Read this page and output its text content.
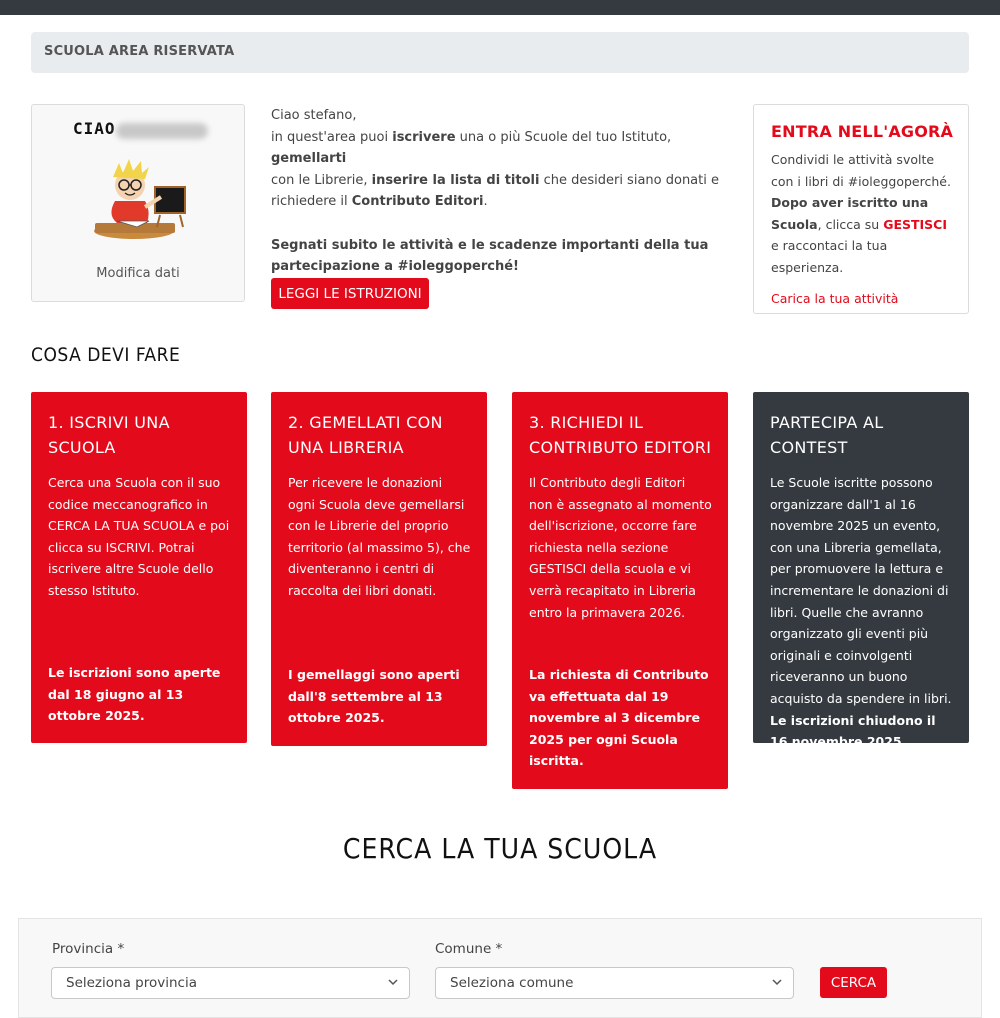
SCUOLA AREA RISERVATA
CIAO
Modifica dati

Ciao stefano,

in quest'area puoi iscrivere una o più Scuole del tuo Istituto, gemellarti

con le Librerie, inserire la lista di titoli che desideri siano donati e

richiedere il Contributo Editori.

Segnati subito le attività e le scadenze importanti della tua partecipazione a #ioleggoperché!

LEGGI LE ISTRUZIONI
ENTRA NELL'AGORÀ
Condividi le attività svolte con i libri di #ioleggoperché. Dopo aver iscritto una Scuola, clicca su GESTISCI e raccontaci la tua esperienza.
Carica la tua attività
COSA DEVI FARE
1. ISCRIVI UNA SCUOLA
Cerca una Scuola con il suo codice meccanografico in CERCA LA TUA SCUOLA e poi clicca su ISCRIVI. Potrai iscrivere altre Scuole dello stesso Istituto.
Le iscrizioni sono aperte dal 18 giugno al 13 ottobre 2025.
2. GEMELLATI CON UNA LIBRERIA
Per ricevere le donazioni ogni Scuola deve gemellarsi con le Librerie del proprio territorio (al massimo 5), che diventeranno i centri di raccolta dei libri donati.
I gemellaggi sono aperti dall'8 settembre al 13 ottobre 2025.
3. RICHIEDI IL CONTRIBUTO EDITORI
Il Contributo degli Editori non è assegnato al momento dell'iscrizione, occorre fare richiesta nella sezione GESTISCI della scuola e vi verrà recapitato in Libreria entro la primavera 2026.
La richiesta di Contributo va effettuata dal 19 novembre al 3 dicembre 2025 per ogni Scuola iscritta.
PARTECIPA AL CONTEST
Le Scuole iscritte possono organizzare dall'1 al 16 novembre 2025 un evento, con una Libreria gemellata, per promuovere la lettura e incrementare le donazioni di libri. Quelle che avranno organizzato gli eventi più originali e coinvolgenti riceveranno un buono acquisto da spendere in libri. Le iscrizioni chiudono il 16 novembre 2025.
CERCA LA TUA SCUOLA
Provincia *
Seleziona provincia
Comune *
Seleziona comune	CERCA
